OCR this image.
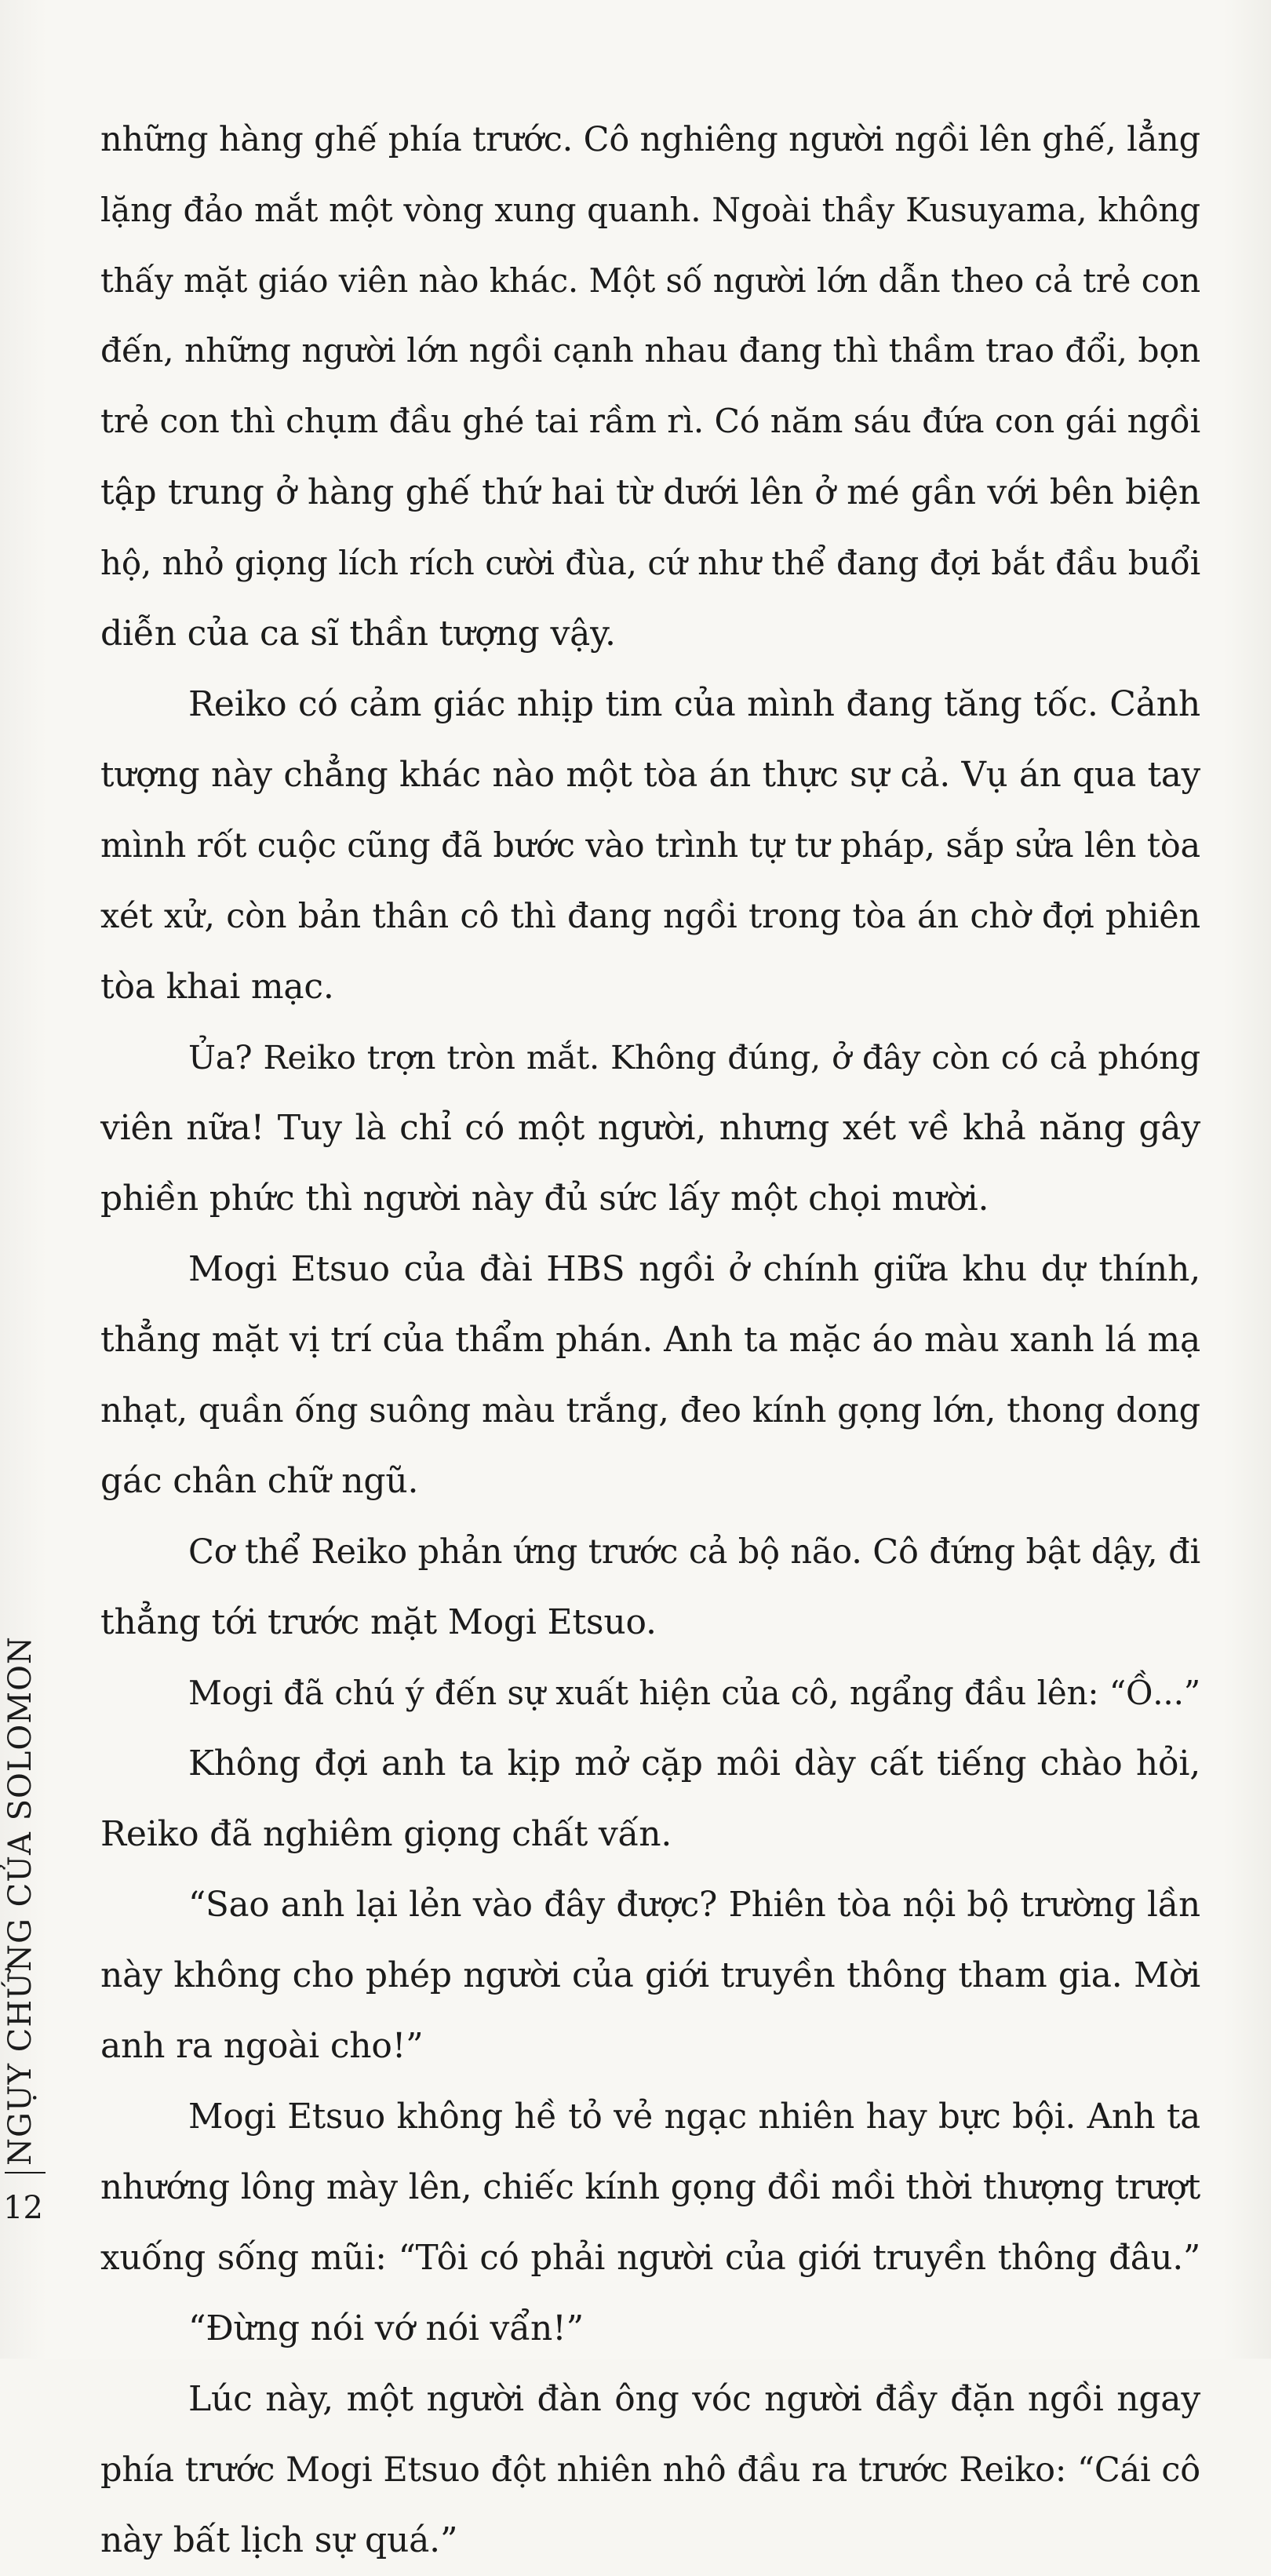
những hàng ghế phía trước. Cô nghiêng người ngồi lên ghế, lẳng
lặng đảo mắt một vòng xung quanh. Ngoài thầy Kusuyama, không
thấy mặt giáo viên nào khác. Một số người lớn dẫn theo cả trẻ con
đến, những người lớn ngồi cạnh nhau đang thì thầm trao đổi, bọn
trẻ con thì chụm đầu ghé tai rầm rì. Có năm sáu đứa con gái ngồi
tập trung ở hàng ghế thứ hai từ dưới lên ở mé gần với bên biện
hộ, nhỏ giọng lích rích cười đùa, cứ như thể đang đợi bắt đầu buổi
diễn của ca sĩ thần tượng vậy.
Reiko có cảm giác nhịp tim của mình đang tăng tốc. Cảnh
tượng này chẳng khác nào một tòa án thực sự cả. Vụ án qua tay
mình rốt cuộc cũng đã bước vào trình tự tư pháp, sắp sửa lên tòa
xét xử, còn bản thân cô thì đang ngồi trong tòa án chờ đợi phiên
tòa khai mạc.
Ủa? Reiko trợn tròn mắt. Không đúng, ở đây còn có cả phóng
viên nữa! Tuy là chỉ có một người, nhưng xét về khả năng gây
phiền phức thì người này đủ sức lấy một chọi mười.
Mogi Etsuo của đài HBS ngồi ở chính giữa khu dự thính,
thẳng mặt vị trí của thẩm phán. Anh ta mặc áo màu xanh lá mạ
nhạt, quần ống suông màu trắng, đeo kính gọng lớn, thong dong
gác chân chữ ngũ.
Cơ thể Reiko phản ứng trước cả bộ não. Cô đứng bật dậy, đi
thẳng tới trước mặt Mogi Etsuo.
Mogi đã chú ý đến sự xuất hiện của cô, ngẩng đầu lên: “Ồ...”
Không đợi anh ta kịp mở cặp môi dày cất tiếng chào hỏi,
Reiko đã nghiêm giọng chất vấn.
“Sao anh lại lẻn vào đây được? Phiên tòa nội bộ trường lần
này không cho phép người của giới truyền thông tham gia. Mời
anh ra ngoài cho!”
Mogi Etsuo không hề tỏ vẻ ngạc nhiên hay bực bội. Anh ta
nhướng lông mày lên, chiếc kính gọng đồi mồi thời thượng trượt
xuống sống mũi: “Tôi có phải người của giới truyền thông đâu.”
“Đừng nói vớ nói vẩn!”
Lúc này, một người đàn ông vóc người đầy đặn ngồi ngay
phía trước Mogi Etsuo đột nhiên nhô đầu ra trước Reiko: “Cái cô
này bất lịch sự quá.”
NGỤY CHỨNG CỦA SOLOMON
12
